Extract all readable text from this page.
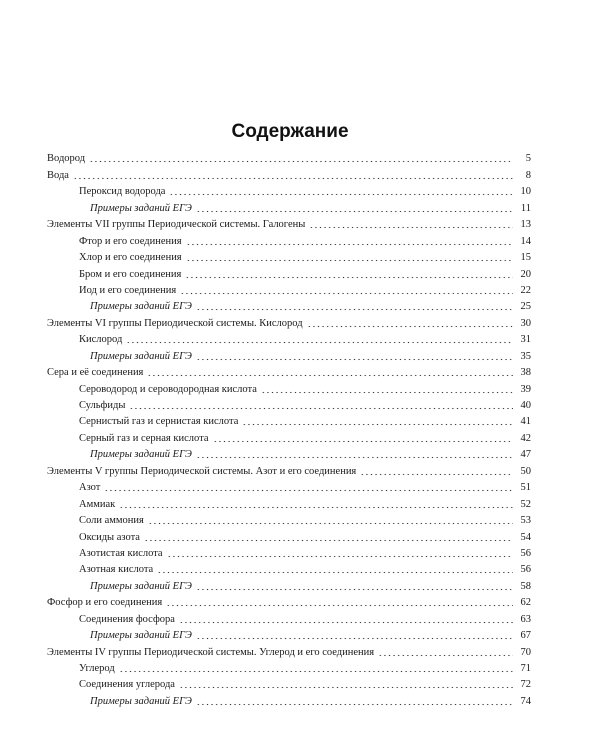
Содержание
Водород	5
Вода	8
Пероксид водорода	10
Примеры заданий ЕГЭ	11
Элементы VII группы Периодической системы. Галогены	13
Фтор и его соединения	14
Хлор и его соединения	15
Бром и его соединения	20
Иод и его соединения	22
Примеры заданий ЕГЭ	25
Элементы VI группы Периодической системы. Кислород	30
Кислород	31
Примеры заданий ЕГЭ	35
Сера и её соединения	38
Сероводород и сероводородная кислота	39
Сульфиды	40
Сернистый газ и сернистая кислота	41
Серный газ и серная кислота	42
Примеры заданий ЕГЭ	47
Элементы V группы Периодической системы. Азот и его соединения	50
Азот	51
Аммиак	52
Соли аммония	53
Оксиды азота	54
Азотистая кислота	56
Азотная кислота	56
Примеры заданий ЕГЭ	58
Фосфор и его соединения	62
Соединения фосфора	63
Примеры заданий ЕГЭ	67
Элементы IV группы Периодической системы. Углерод и его соединения	70
Углерод	71
Соединения углерода	72
Примеры заданий ЕГЭ	74
